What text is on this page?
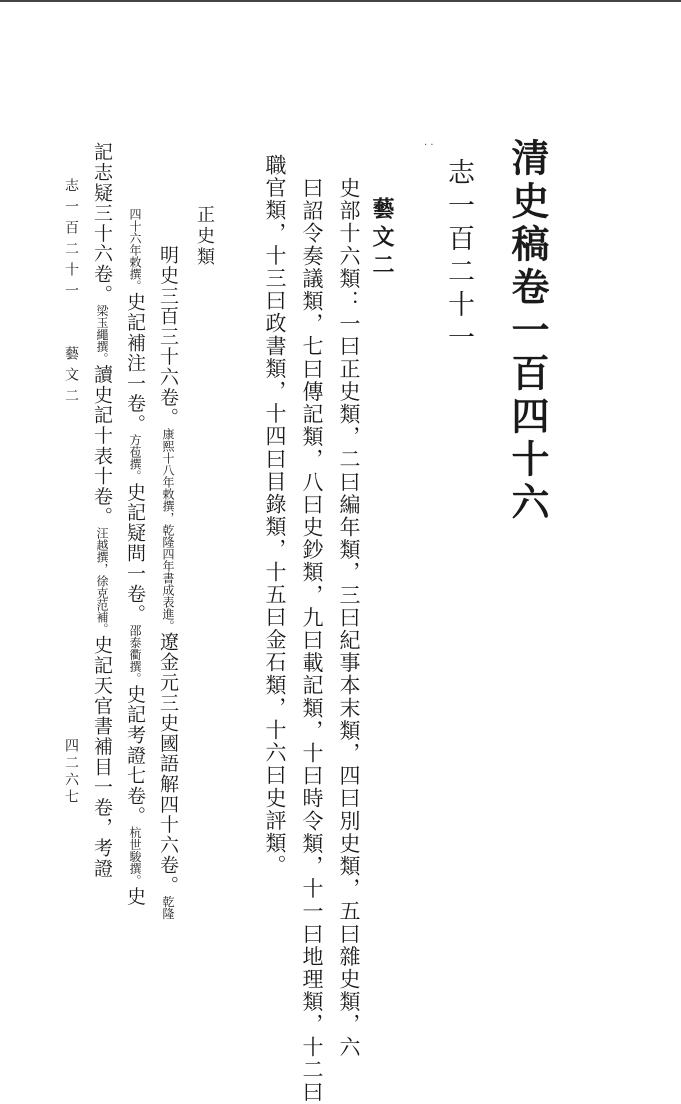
· · 清史稿卷一百四十六
志一百二十一
藝文二
史部十六類：一曰正史類，二曰編年類，三曰紀事本末類，四曰別史類，五曰雜史類，六
曰詔令奏議類，七曰傳記類，八曰史鈔類，九曰載記類，十曰時令類，十一曰地理類，十二曰
職官類，十三曰政書類，十四曰目錄類，十五曰金石類，十六曰史評類。
正史類
明史三百三十六卷。康熙十八年敕撰，乾隆四年書成表進。遼金元三史國語解四十六卷。乾隆
四十六年敕撰。史記補注一卷。方苞撰。史記疑問一卷。邵泰衢撰。史記考證七卷。杭世駿撰。史
記志疑三十六卷。梁玉繩撰。讀史記十表十卷。汪越撰，徐克范補。史記天官書補目一卷，考證
志一百二十一　　藝文二
四二六七
